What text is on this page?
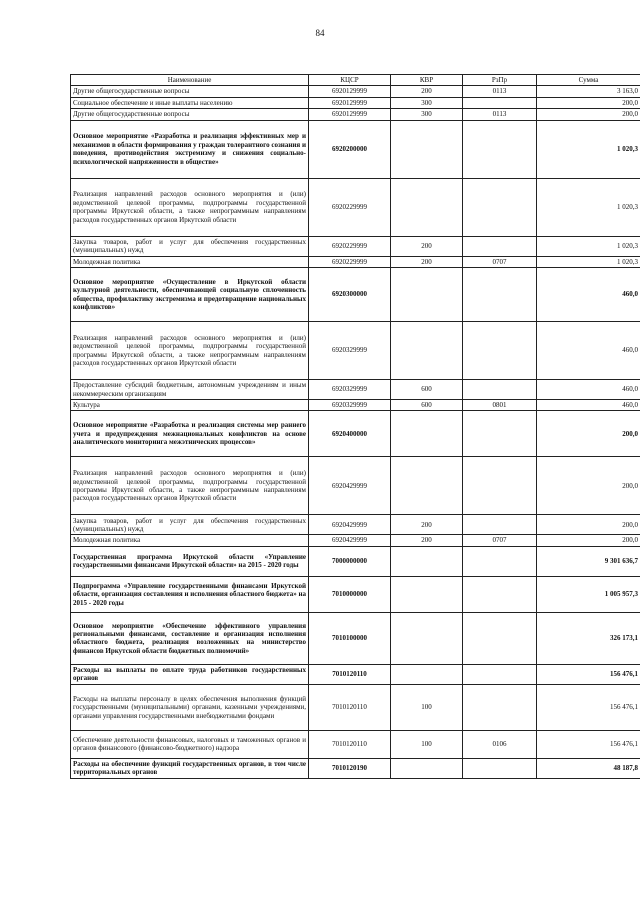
84
Наименование	КЦСР	КВР	РзПр	Сумма
Другие общегосударственные вопросы	6920129999	200	0113	3 163,0
Социальное обеспечение и иные выплаты населению	6920129999	300		200,0
Другие общегосударственные вопросы	6920129999	300	0113	200,0
Основное мероприятие «Разработка и реализация эффективных мер и механизмов в области формирования у граждан толерантного сознания и поведения, противодействия экстремизму и снижения социально-психологической напряженности в обществе»	6920200000			1 020,3
Реализация направлений расходов основного мероприятия и (или) ведомственной целевой программы, подпрограммы государственной программы Иркутской области, а также непрограммным направлениям расходов государственных органов Иркутской области	6920229999			1 020,3
Закупка товаров, работ и услуг для обеспечения государственных (муниципальных) нужд	6920229999	200		1 020,3
Молодежная политика	6920229999	200	0707	1 020,3
Основное мероприятие «Осуществление в Иркутской области культурной деятельности, обеспечивающей социальную сплоченность общества, профилактику экстремизма и предотвращение национальных конфликтов»	6920300000			460,0
Реализация направлений расходов основного мероприятия и (или) ведомственной целевой программы, подпрограммы государственной программы Иркутской области, а также непрограммным направлениям расходов государственных органов Иркутской области	6920329999			460,0
Предоставление субсидий бюджетным, автономным учреждениям и иным некоммерческим организациям	6920329999	600		460,0
Культура	6920329999	600	0801	460,0
Основное мероприятие «Разработка и реализация системы мер раннего учета и предупреждения межнациональных конфликтов на основе аналитического мониторинга межэтнических процессов»	6920400000			200,0
Реализация направлений расходов основного мероприятия и (или) ведомственной целевой программы, подпрограммы государственной программы Иркутской области, а также непрограммным направлениям расходов государственных органов Иркутской области	6920429999			200,0
Закупка товаров, работ и услуг для обеспечения государственных (муниципальных) нужд	6920429999	200		200,0
Молодежная политика	6920429999	200	0707	200,0
Государственная программа Иркутской области «Управление государственными финансами Иркутской области» на 2015 - 2020 годы	7000000000			9 301 636,7
Подпрограмма «Управление государственными финансами Иркутской области, организация составления и исполнения областного бюджета» на 2015 - 2020 годы	7010000000			1 005 957,3
Основное мероприятие «Обеспечение эффективного управления региональными финансами, составление и организация исполнения областного бюджета, реализация возложенных на министерство финансов Иркутской области бюджетных полномочий»	7010100000			326 173,1
Расходы на выплаты по оплате труда работников государственных органов	7010120110			156 476,1
Расходы на выплаты персоналу в целях обеспечения выполнения функций государственными (муниципальными) органами, казенными учреждениями, органами управления государственными внебюджетными фондами	7010120110	100		156 476,1
Обеспечение деятельности финансовых, налоговых и таможенных органов и органов финансового (финансово-бюджетного) надзора	7010120110	100	0106	156 476,1
Расходы на обеспечение функций государственных органов, в том числе территориальных органов	7010120190			48 187,8
